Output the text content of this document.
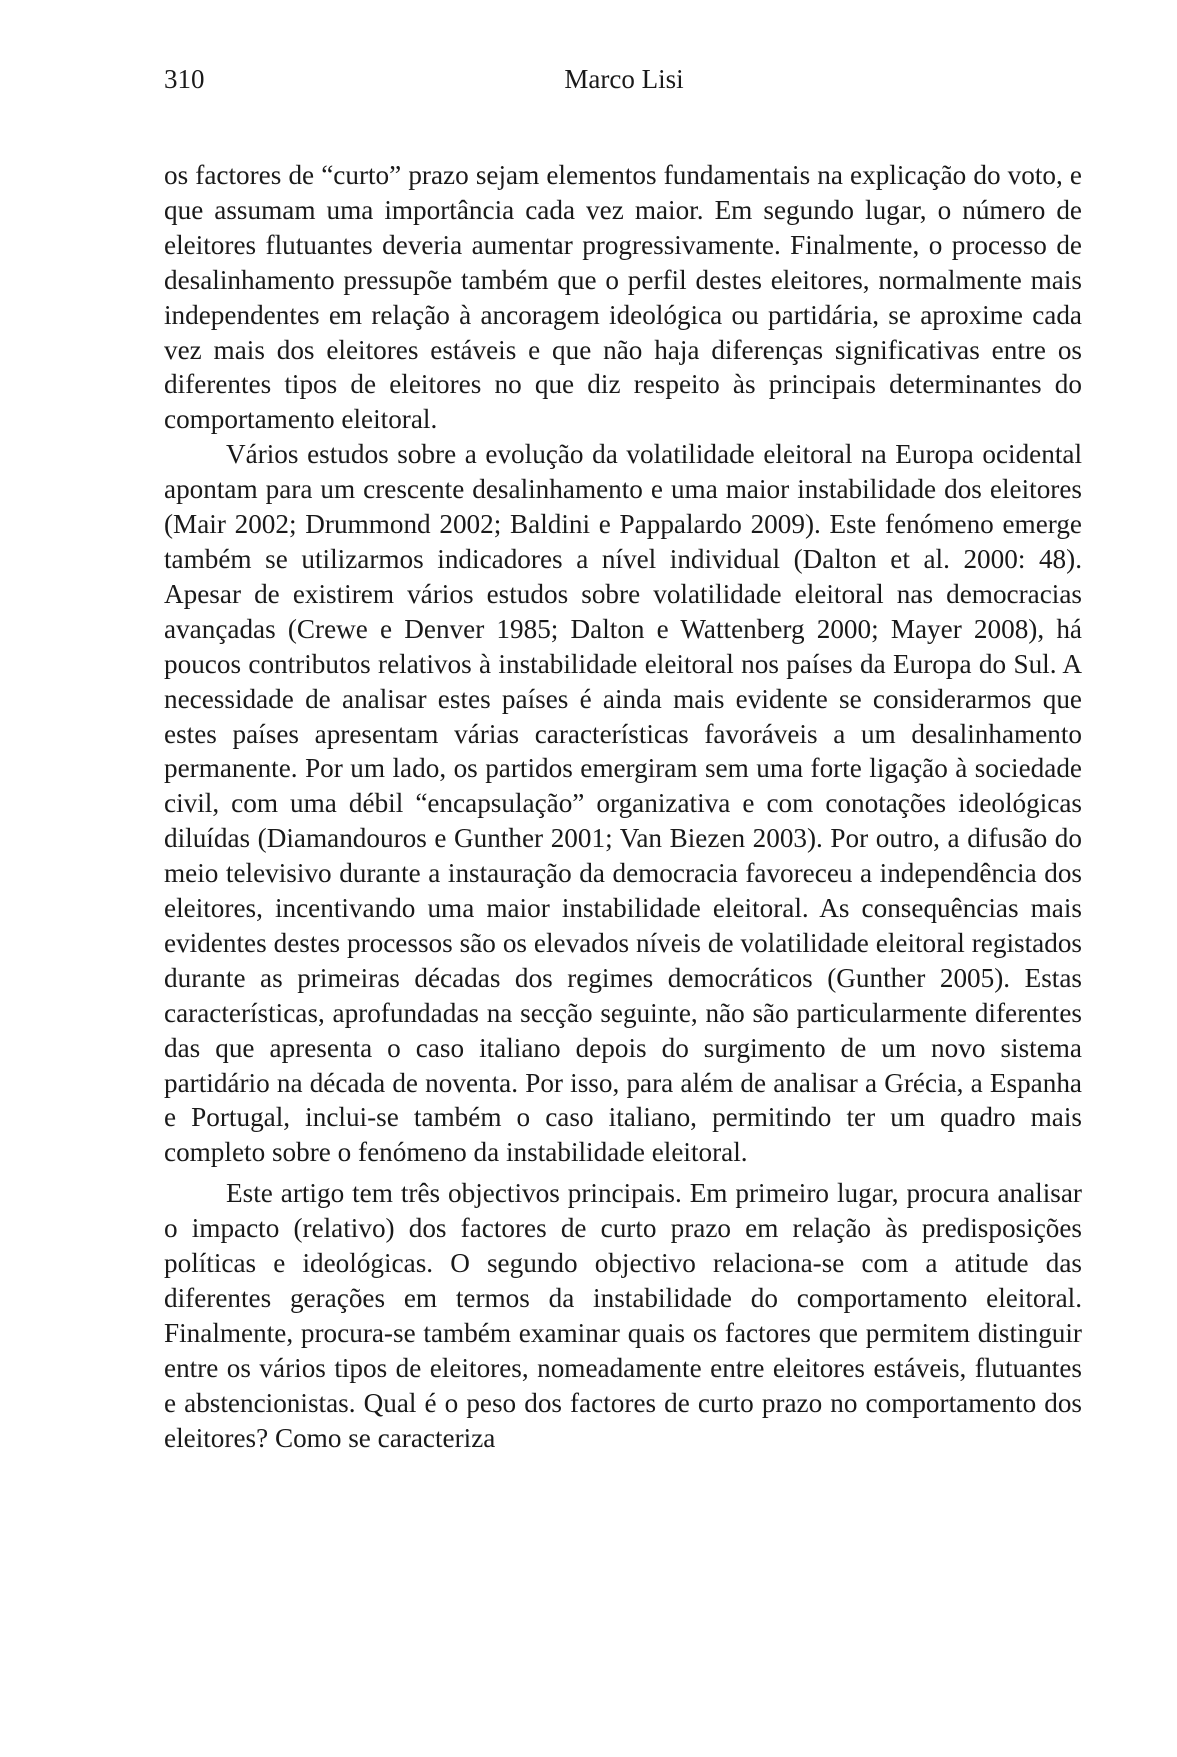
310	Marco Lisi

os factores de “curto” prazo sejam elementos fundamentais na explicação do voto, e que assumam uma importância cada vez maior. Em segundo lugar, o número de eleitores flutuantes deveria aumentar progressivamente. Finalmente, o processo de desalinhamento pressupõe também que o perfil destes eleitores, normalmente mais independentes em relação à ancoragem ideológica ou partidária, se aproxime cada vez mais dos eleitores estáveis e que não haja diferenças significativas entre os diferentes tipos de eleitores no que diz respeito às principais determinantes do comportamento eleitoral.

Vários estudos sobre a evolução da volatilidade eleitoral na Europa ocidental apontam para um crescente desalinhamento e uma maior instabilidade dos eleitores (Mair 2002; Drummond 2002; Baldini e Pappalardo 2009). Este fenómeno emerge também se utilizarmos indicadores a nível individual (Dalton et al. 2000: 48). Apesar de existirem vários estudos sobre volatilidade eleitoral nas democracias avançadas (Crewe e Denver 1985; Dalton e Wattenberg 2000; Mayer 2008), há poucos contributos relativos à instabilidade eleitoral nos países da Europa do Sul. A necessidade de analisar estes países é ainda mais evidente se considerarmos que estes países apresentam várias características favoráveis a um desalinhamento permanente. Por um lado, os partidos emergiram sem uma forte ligação à sociedade civil, com uma débil “encapsulação” organizativa e com conotações ideológicas diluídas (Diamandouros e Gunther 2001; Van Biezen 2003). Por outro, a difusão do meio televisivo durante a instauração da democracia favoreceu a independência dos eleitores, incentivando uma maior instabilidade eleitoral. As consequências mais evidentes destes processos são os elevados níveis de volatilidade eleitoral registados durante as primeiras décadas dos regimes democráticos (Gunther 2005). Estas características, aprofundadas na secção seguinte, não são particularmente diferentes das que apresenta o caso italiano depois do surgimento de um novo sistema partidário na década de noventa. Por isso, para além de analisar a Grécia, a Espanha e Portugal, inclui-se também o caso italiano, permitindo ter um quadro mais completo sobre o fenómeno da instabilidade eleitoral.

Este artigo tem três objectivos principais. Em primeiro lugar, procura analisar o impacto (relativo) dos factores de curto prazo em relação às predisposições políticas e ideológicas. O segundo objectivo relaciona-se com a atitude das diferentes gerações em termos da instabilidade do comportamento eleitoral. Finalmente, procura-se também examinar quais os factores que permitem distinguir entre os vários tipos de eleitores, nomeadamente entre eleitores estáveis, flutuantes e abstencionistas. Qual é o peso dos factores de curto prazo no comportamento dos eleitores? Como se caracteriza
